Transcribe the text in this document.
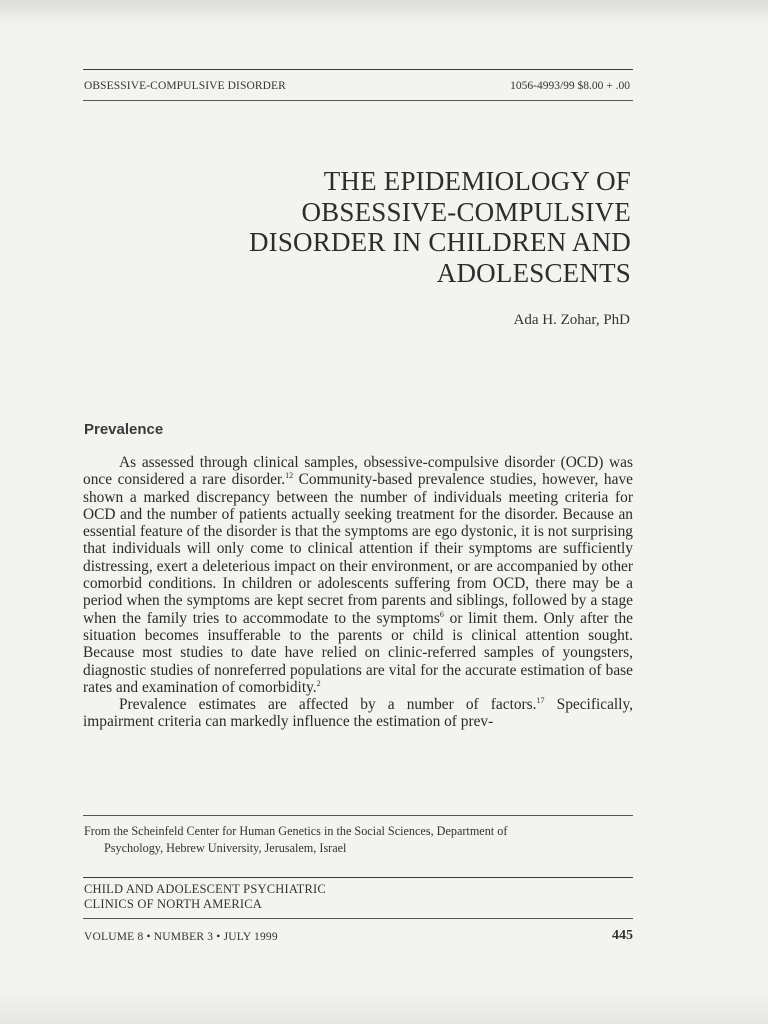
OBSESSIVE-COMPULSIVE DISORDER	1056-4993/99 $8.00 + .00
THE EPIDEMIOLOGY OF
OBSESSIVE-COMPULSIVE
DISORDER IN CHILDREN AND
ADOLESCENTS
Ada H. Zohar, PhD
Prevalence

As assessed through clinical samples, obsessive-compulsive disorder (OCD) was once considered a rare disorder.$^{12}$ Community-based prevalence studies, however, have shown a marked discrepancy between the number of individuals meeting criteria for OCD and the number of patients actually seeking treatment for the disorder. Because an essential feature of the disorder is that the symptoms are ego dystonic, it is not surprising that individuals will only come to clinical attention if their symptoms are sufficiently distressing, exert a deleterious impact on their environment, or are accompanied by other comorbid conditions. In children or adolescents suffering from OCD, there may be a period when the symptoms are kept secret from parents and siblings, followed by a stage when the family tries to accommodate to the symptoms$^6$ or limit them. Only after the situation becomes insufferable to the parents or child is clinical attention sought. Because most studies to date have relied on clinic-referred samples of youngsters, diagnostic studies of nonreferred populations are vital for the accurate estimation of base rates and examination of comorbidity.$^2$

Prevalence estimates are affected by a number of factors.$^{17}$ Specifically, impairment criteria can markedly influence the estimation of prev-

From the Scheinfeld Center for Human Genetics in the Social Sciences, Department of
Psychology, Hebrew University, Jerusalem, Israel
CHILD AND ADOLESCENT PSYCHIATRIC
CLINICS OF NORTH AMERICA
VOLUME 8 • NUMBER 3 • JULY 1999	445
